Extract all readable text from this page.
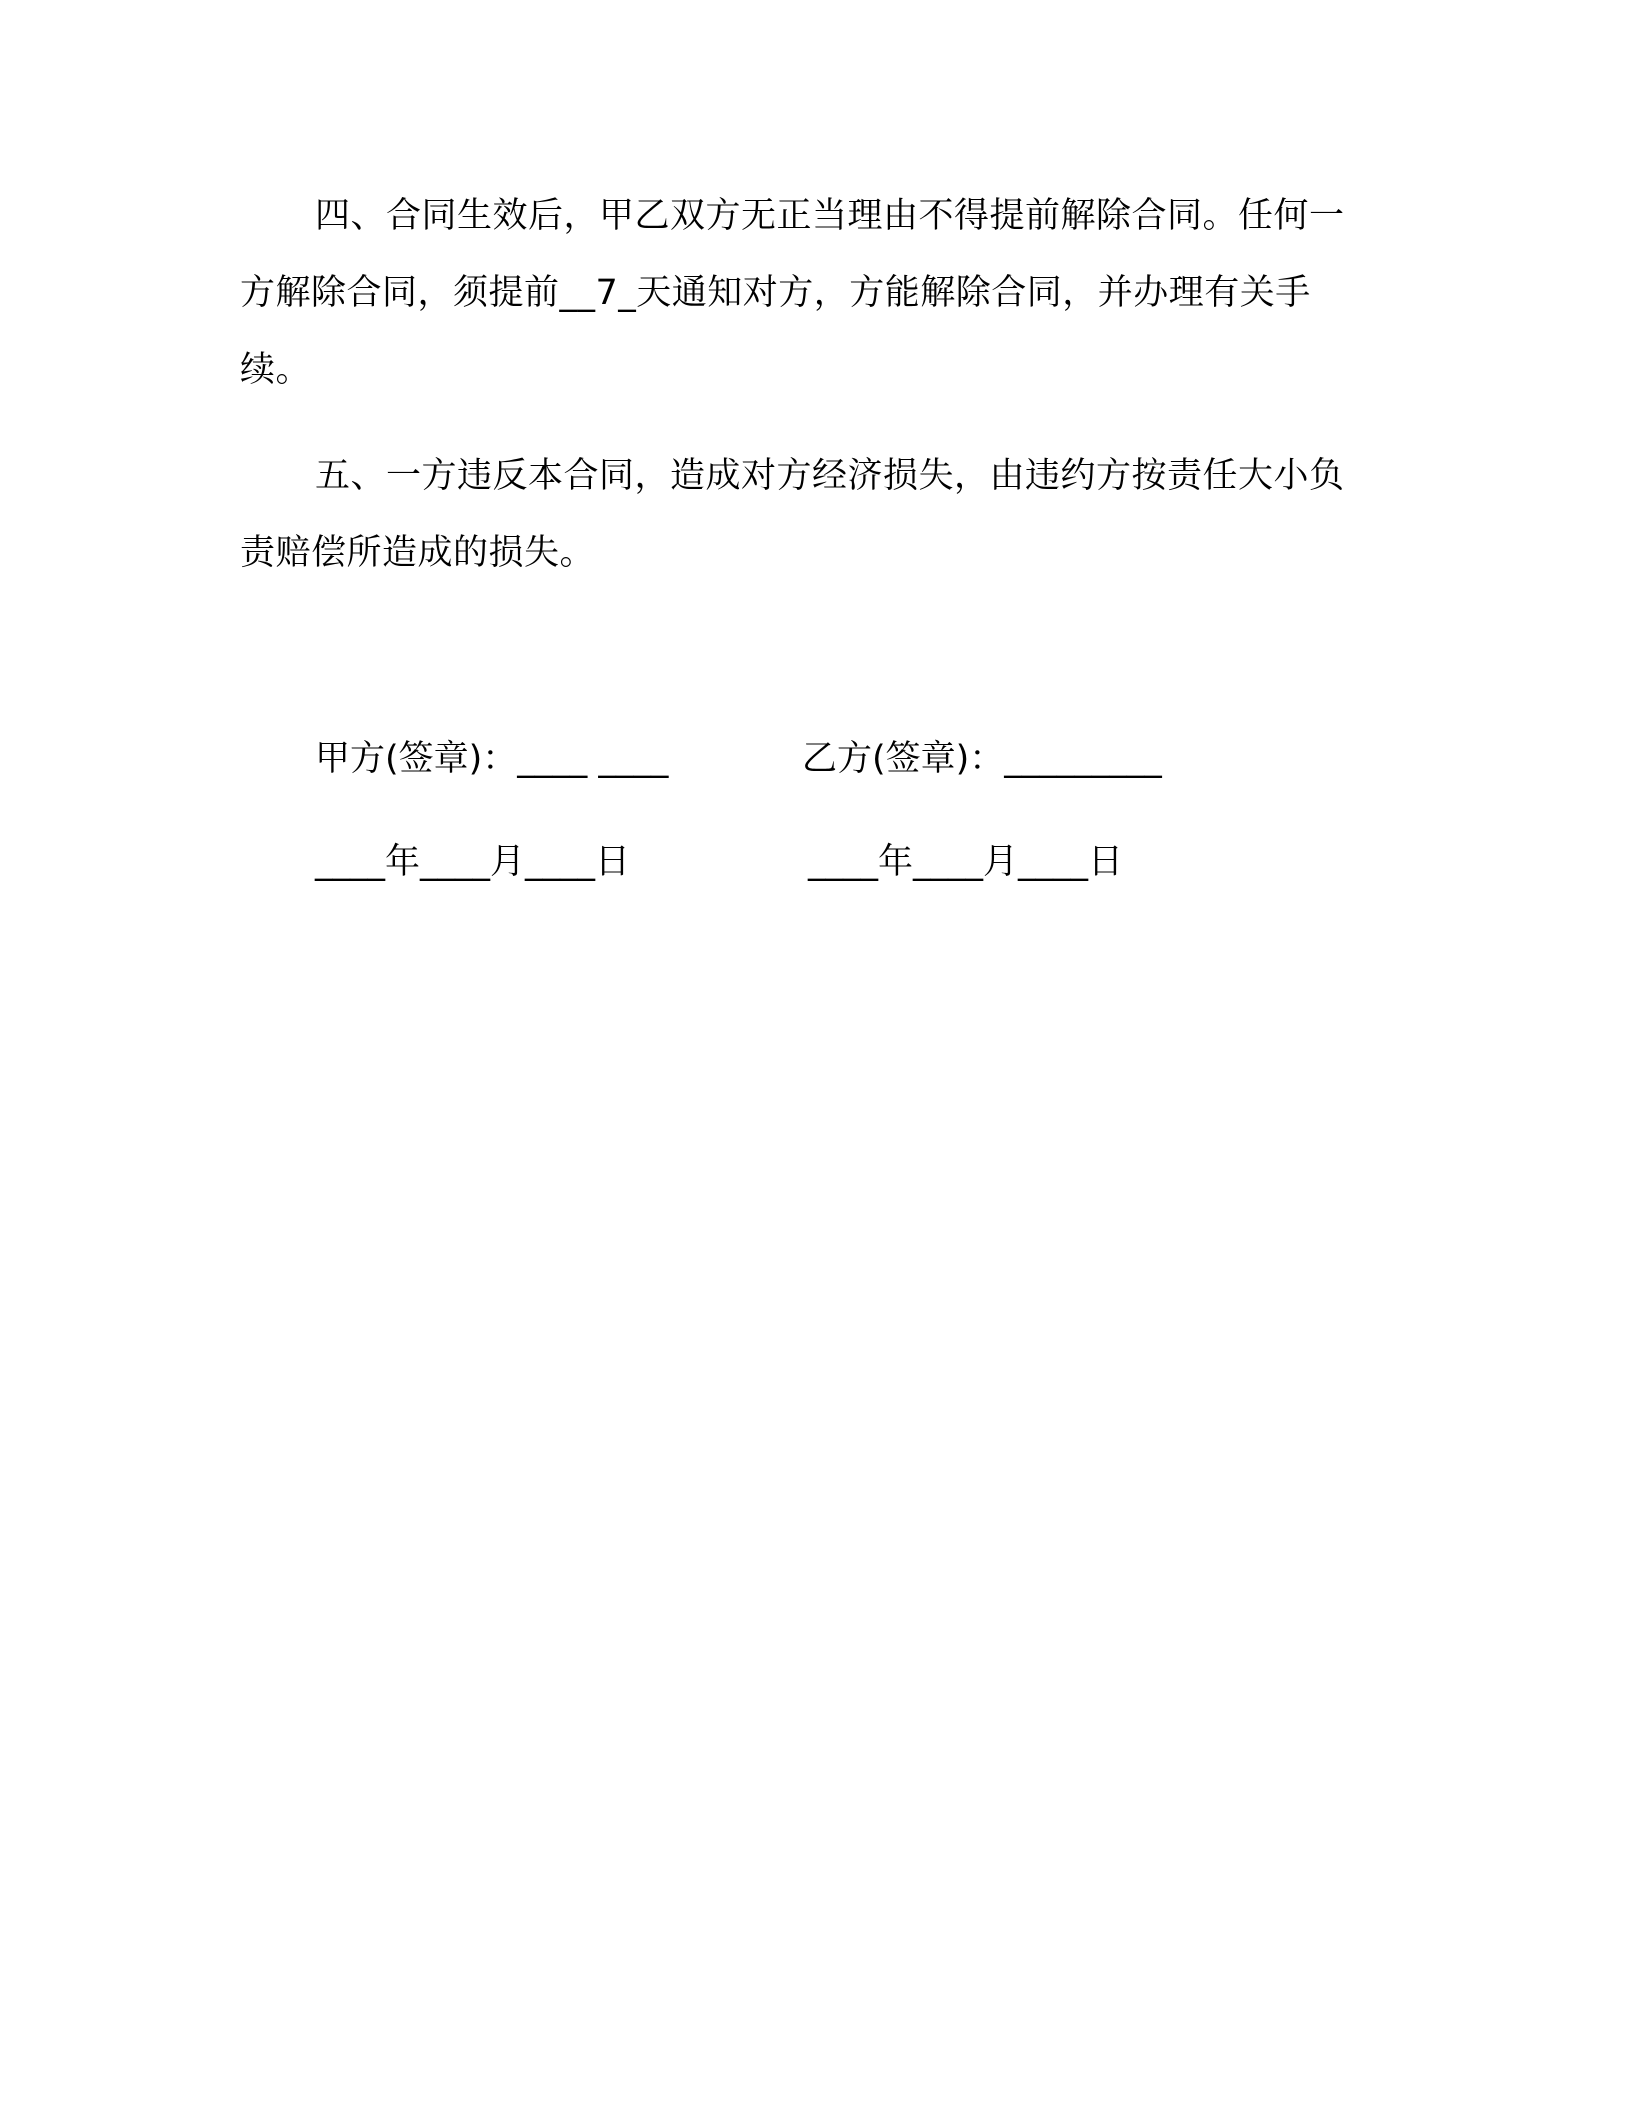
四、合同生效后，甲乙双方无正当理由不得提前解除合同。任何一方解除合同，须提前__7_天通知对方，方能解除合同，并办理有关手续。

五、一方违反本合同，造成对方经济损失，由违约方按责任大小负责赔偿所造成的损失。

甲方(签章)：____ ____	乙方(签章)：_________

____年____月____日	____年____月____日
